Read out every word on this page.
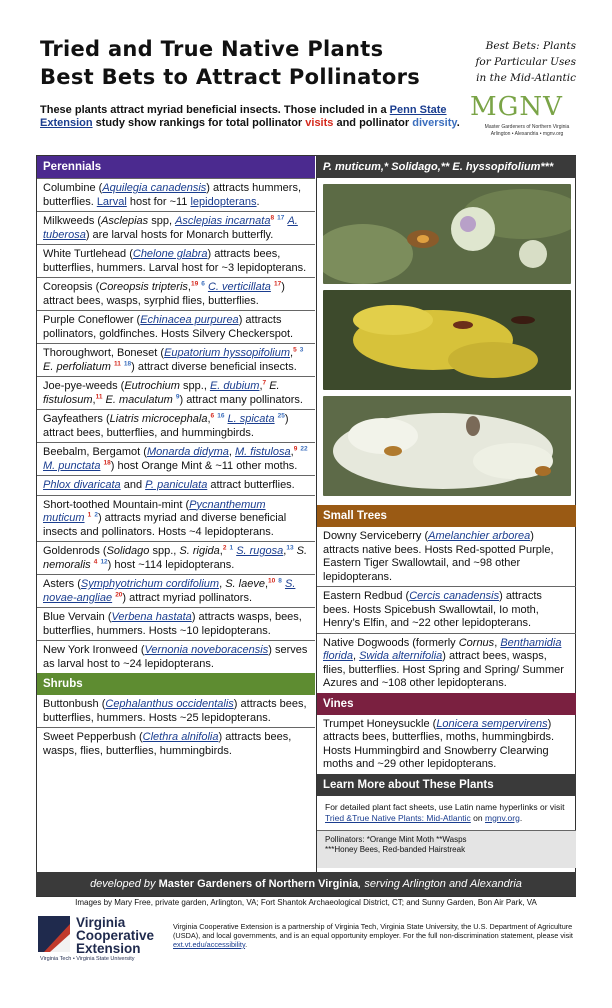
Tried and True Native Plants
Best Bets to Attract Pollinators
Best Bets: Plants
for Particular Uses
in the Mid-Atlantic
MGNV
Master Gardeners of Northern Virginia
Arlington • Alexandria • mgnv.org
These plants attract myriad beneficial insects. Those included in a Penn State Extension study show rankings for total pollinator visits and pollinator diversity.
Perennials
Columbine (Aquilegia canadensis) attracts hummers, butterflies. Larval host for ~11 lepidopterans.
Milkweeds (Asclepias spp, Asclepias incarnata$^8$ $^{17}$ A. tuberosa) are larval hosts for Monarch butterfly.
White Turtlehead (Chelone glabra) attracts bees, butterflies, hummers. Larval host for ~3 lepidopterans.
Coreopsis (Coreopsis tripteris,$^{19}$ $^6$ C. verticillata $^{17}$) attract bees, wasps, syrphid flies, butterflies.
Purple Coneflower (Echinacea purpurea) attracts pollinators, goldfinches. Hosts Silvery Checkerspot.
Thoroughwort, Boneset (Eupatorium hyssopifolium,$^5$ $^3$ E. perfoliatum $^{11}$ $^{18}$) attract diverse beneficial insects.
Joe-pye-weeds (Eutrochium spp., E. dubium,$^7$ E. fistulosum,$^{11}$ E. maculatum $^9$) attract many pollinators.
Gayfeathers (Liatris microcephala,$^6$ $^{16}$ L. spicata $^{25}$) attract bees, butterflies, and hummingbirds.
Beebalm, Bergamot (Monarda didyma, M. fistulosa,$^9$ $^{22}$ M. punctata $^{18}$) host Orange Mint & ~11 other moths.
Phlox divaricata and P. paniculata attract butterflies.
Short-toothed Mountain-mint (Pycnanthemum muticum $^1$ $^2$) attracts myriad and diverse beneficial insects and pollinators. Hosts ~4 lepidopterans.
Goldenrods (Solidago spp., S. rigida,$^2$ $^1$ S. rugosa,$^{13}$ S. nemoralis $^4$ $^{12}$) host ~114 lepidopterans.
Asters (Symphyotrichum cordifolium, S. laeve,$^{10}$ $^8$ S. novae-angliae $^{20}$) attract myriad pollinators.
Blue Vervain (Verbena hastata) attracts wasps, bees, butterflies, hummers. Hosts ~10 lepidopterans.
New York Ironweed (Vernonia noveboracensis) serves as larval host to ~24 lepidopterans.
Shrubs
Buttonbush (Cephalanthus occidentalis) attracts bees, butterflies, hummers. Hosts ~25 lepidopterans.
Sweet Pepperbush (Clethra alnifolia) attracts bees, wasps, flies, butterflies, hummingbirds.
P. muticum,* Solidago,** E. hyssopifolium***
Small Trees
Downy Serviceberry (Amelanchier arborea) attracts native bees. Hosts Red-spotted Purple, Eastern Tiger Swallowtail, and ~98 other lepidopterans.
Eastern Redbud (Cercis canadensis) attracts bees. Hosts Spicebush Swallowtail, Io moth, Henry’s Elfin, and ~22 other lepidopterans.
Native Dogwoods (formerly Cornus, Benthamidia florida, Swida alternifolia) attract bees, wasps, flies, butterflies. Host Spring and Spring/ Summer Azures and ~108 other lepidopterans.
Vines
Trumpet Honeysuckle (Lonicera sempervirens) attracts bees, butterflies, moths, hummingbirds. Hosts Hummingbird and Snowberry Clearwing moths and ~29 other lepidopterans.
Learn More about These Plants
For detailed plant fact sheets, use Latin name hyperlinks or visit Tried &True Native Plants: Mid-Atlantic on mgnv.org.
Pollinators: *Orange Mint Moth **Wasps
***Honey Bees, Red-banded Hairstreak
developed by Master Gardeners of Northern Virginia, serving Arlington and Alexandria
Images by Mary Free, private garden, Arlington, VA; Fort Shantok Archaeological District, CT; and Sunny Garden, Bon Air Park, VA
Virginia
Cooperative
Extension
Virginia Tech • Virginia State University
Virginia Cooperative Extension is a partnership of Virginia Tech, Virginia State University, the U.S. Department of Agriculture (USDA), and local governments, and is an equal opportunity employer. For the full non-discrimination statement, please visit ext.vt.edu/accessibility.
